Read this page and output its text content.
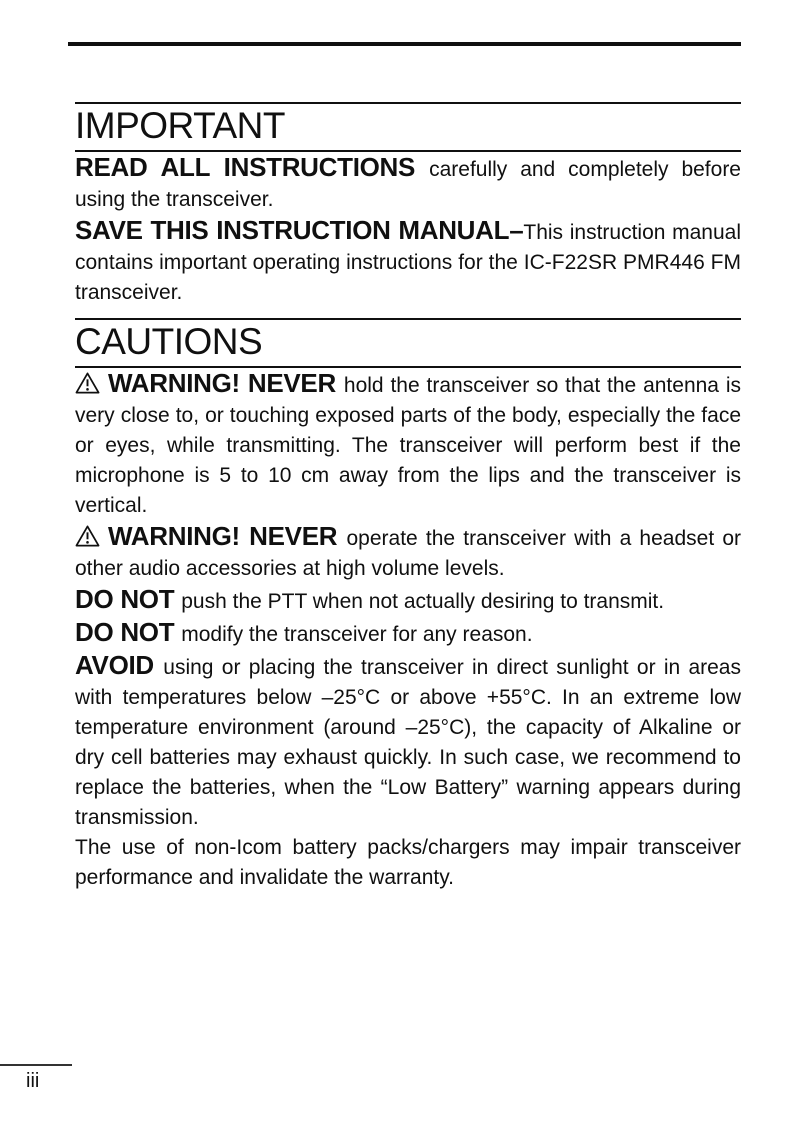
IMPORTANT

READ ALL INSTRUCTIONS carefully and completely before using the transceiver.

SAVE THIS INSTRUCTION MANUAL–This instruction manual contains important operating instructions for the IC-F22SR PMR446 FM transceiver.

CAUTIONS

WARNING! NEVER hold the transceiver so that the antenna is very close to, or touching exposed parts of the body, especially the face or eyes, while transmitting. The transceiver will perform best if the microphone is 5 to 10 cm away from the lips and the transceiver is vertical.

WARNING! NEVER operate the transceiver with a headset or other audio accessories at high volume levels.

DO NOT push the PTT when not actually desiring to transmit.

DO NOT modify the transceiver for any reason.

AVOID using or placing the transceiver in direct sunlight or in areas with temperatures below –25°C or above +55°C. In an extreme low temperature environment (around –25°C), the capacity of Alkaline or dry cell batteries may exhaust quickly. In such case, we recommend to replace the batteries, when the “Low Battery” warning appears during transmission.

The use of non-Icom battery packs/chargers may impair transceiver performance and invalidate the warranty.

iii
